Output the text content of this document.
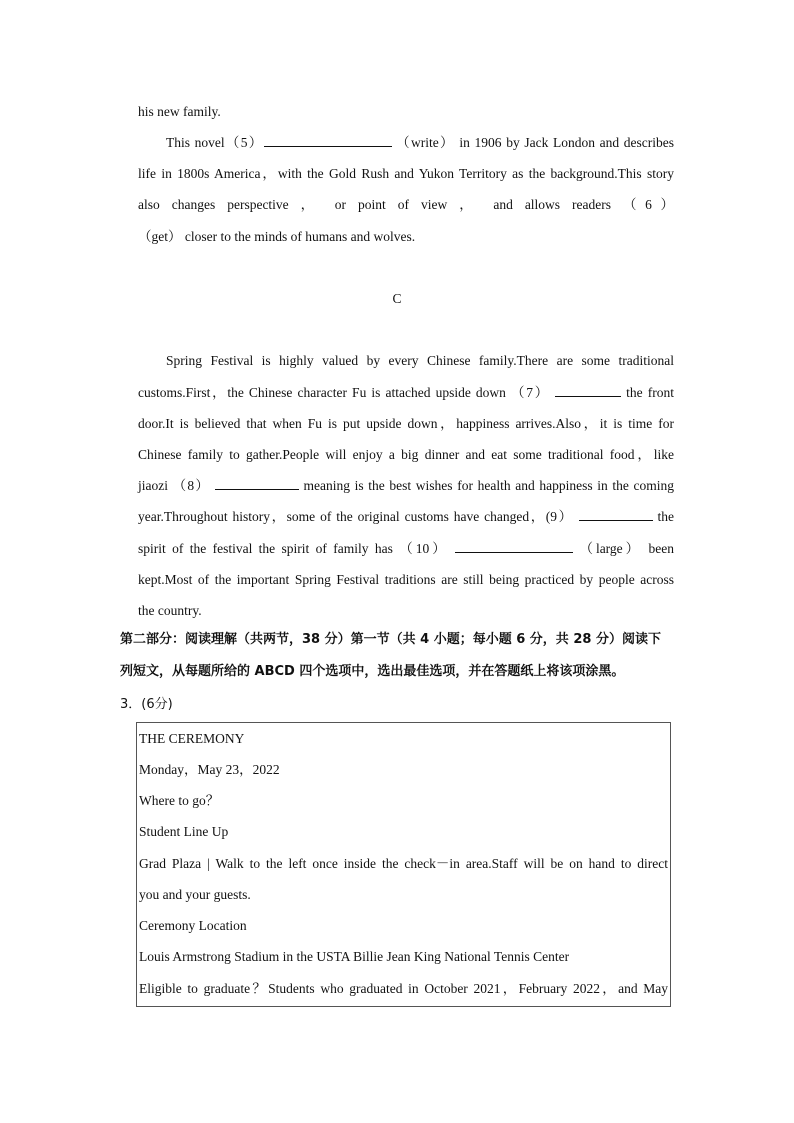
his new family.
This novel（5）	（write） in 1906 by Jack London and describes
life in 1800s America，with the Gold Rush and Yukon Territory as the background.This story
also changes perspective ， or point of view ， and allows readers （6）
（get） closer to the minds of humans and wolves.
C
Spring Festival is highly valued by every Chinese family.There are some traditional
customs.First，the Chinese character Fu is attached upside down （7）	the front
door.It is believed that when Fu is put upside down，happiness arrives.Also，it is time for
Chinese family to gather.People will enjoy a big dinner and eat some traditional food，like
jiaozi （8）	meaning is the best wishes for health and happiness in the coming
year.Throughout history，some of the original customs have changed，(9）	the
spirit of the festival the spirit of family has （10）	（large） been
kept.Most of the important Spring Festival traditions are still being practiced by people across
the country.
第二部分：阅读理解（共两节，38 分）第一节（共 4 小题；每小题 6 分，共 28 分）阅读下
列短文，从每题所给的 ABCD 四个选项中，选出最佳选项，并在答题纸上将该项涂黑。
3．(6分)
THE CEREMONY
Monday，May 23，2022
Where to go？
Student Line Up
Grad Plaza | Walk to the left once inside the check－in area.Staff will be on hand to direct
you and your guests.
Ceremony Location
Louis Armstrong Stadium in the USTA Billie Jean King National Tennis Center
Eligible to graduate？Students who graduated in October 2021，February 2022，and May
